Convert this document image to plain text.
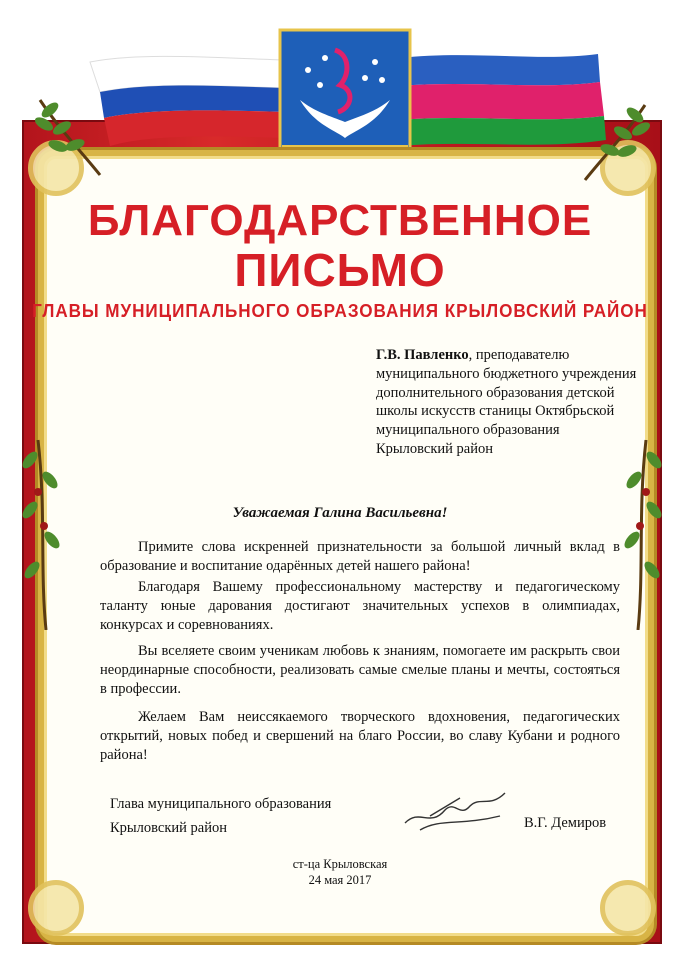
БЛАГОДАРСТВЕННОЕ
ПИСЬМО
ГЛАВЫ МУНИЦИПАЛЬНОГО ОБРАЗОВАНИЯ КРЫЛОВСКИЙ РАЙОН
Г.В. Павленко, преподавателю муниципального бюджетного учреждения дополнительного образования детской школы искусств станицы Октябрьской муниципального образования Крыловский район
Уважаемая Галина Васильевна!
Примите слова искренней признательности за большой личный вклад в образование и воспитание одарённых детей нашего района!
Благодаря Вашему профессиональному мастерству и педагогическому таланту юные дарования достигают значительных успехов в олимпиадах, конкурсах и соревнованиях.
Вы вселяете своим ученикам любовь к знаниям, помогаете им раскрыть свои неординарные способности, реализовать самые смелые планы и мечты, состояться в профессии.
Желаем Вам неиссякаемого творческого вдохновения, педагогических открытий, новых побед и свершений на благо России, во славу Кубани и родного района!
Глава муниципального образования
Крыловский район	В.Г. Демиров
ст-ца Крыловская
24 мая 2017
